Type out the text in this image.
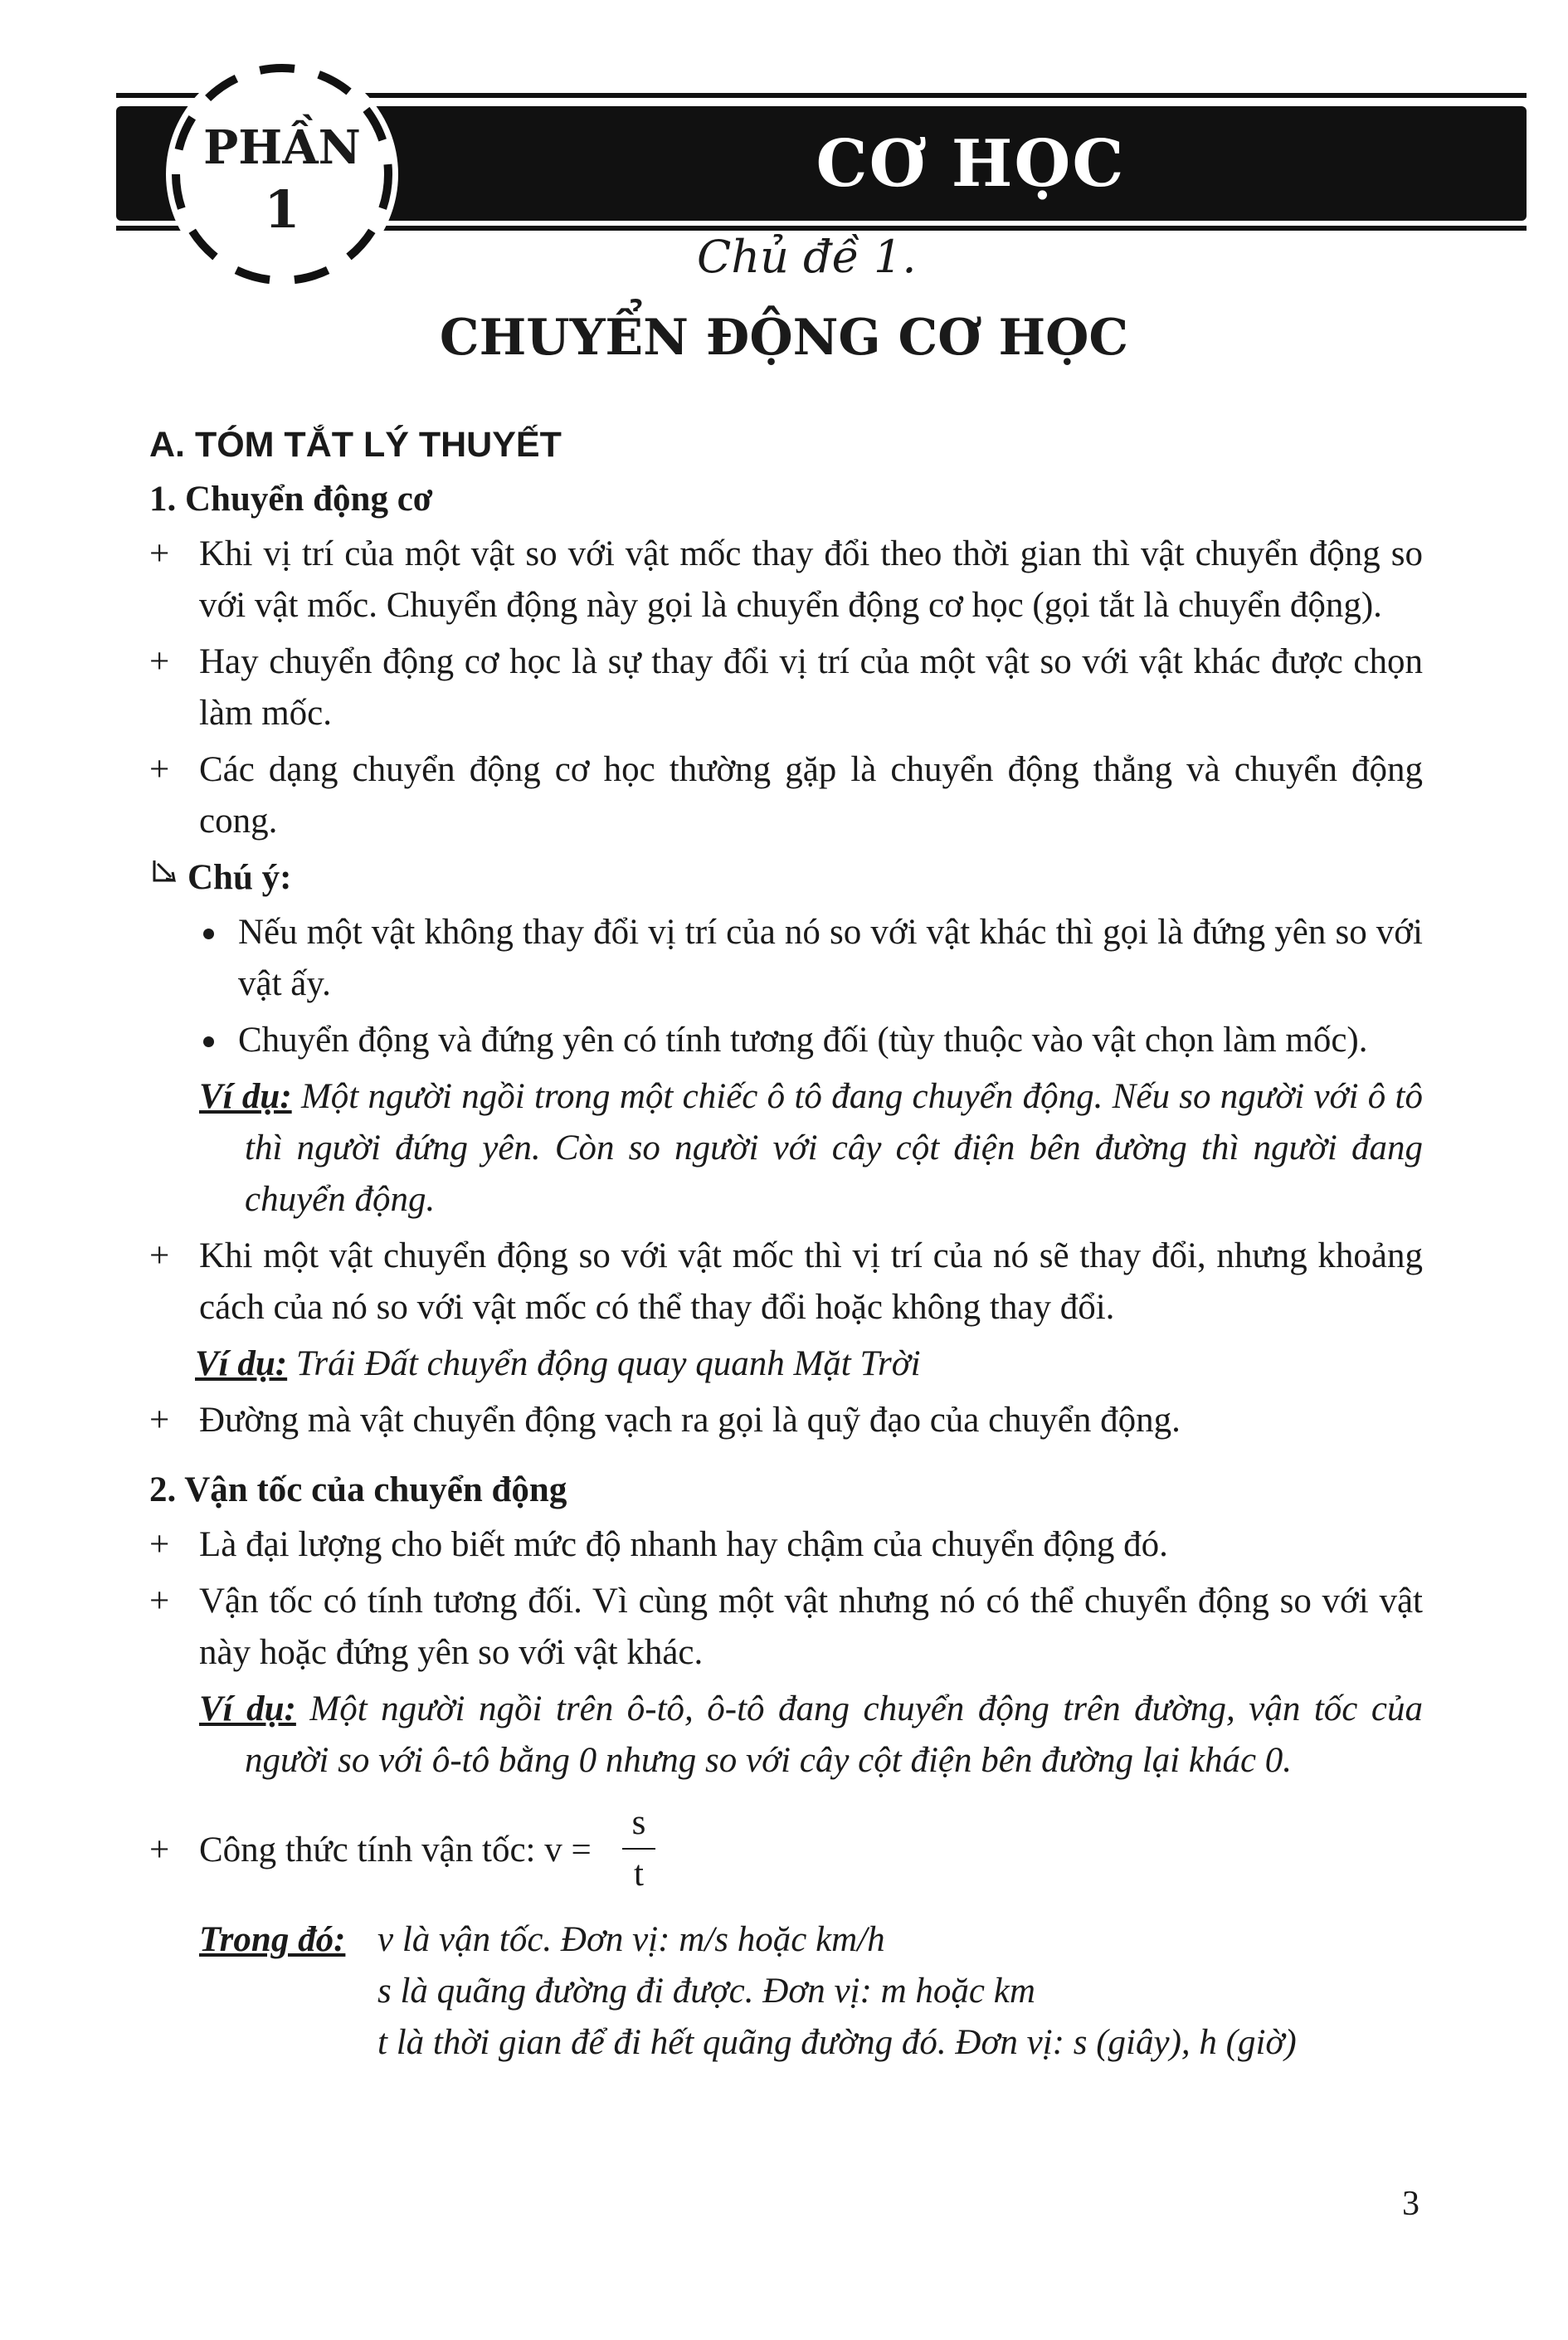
CƠ HỌC
PHẦN
1
Chủ đề 1.
CHUYỂN ĐỘNG CƠ HỌC
A. TÓM TẮT LÝ THUYẾT
1. Chuyển động cơ
+ Khi vị trí của một vật so với vật mốc thay đổi theo thời gian thì vật chuyển động so với vật mốc. Chuyển động này gọi là chuyển động cơ học (gọi tắt là chuyển động).
+ Hay chuyển động cơ học là sự thay đổi vị trí của một vật so với vật khác được chọn làm mốc.
+ Các dạng chuyển động cơ học thường gặp là chuyển động thẳng và chuyển động cong.
Chú ý:
Nếu một vật không thay đổi vị trí của nó so với vật khác thì gọi là đứng yên so với vật ấy.
Chuyển động và đứng yên có tính tương đối (tùy thuộc vào vật chọn làm mốc).
Ví dụ: Một người ngồi trong một chiếc ô tô đang chuyển động. Nếu so người với ô tô thì người đứng yên. Còn so người với cây cột điện bên đường thì người đang chuyển động.
+ Khi một vật chuyển động so với vật mốc thì vị trí của nó sẽ thay đổi, nhưng khoảng cách của nó so với vật mốc có thể thay đổi hoặc không thay đổi.
Ví dụ: Trái Đất chuyển động quay quanh Mặt Trời
+ Đường mà vật chuyển động vạch ra gọi là quỹ đạo của chuyển động.
2. Vận tốc của chuyển động
+ Là đại lượng cho biết mức độ nhanh hay chậm của chuyển động đó.
+ Vận tốc có tính tương đối. Vì cùng một vật nhưng nó có thể chuyển động so với vật này hoặc đứng yên so với vật khác.
Ví dụ: Một người ngồi trên ô-tô, ô-tô đang chuyển động trên đường, vận tốc của người so với ô-tô bằng 0 nhưng so với cây cột điện bên đường lại khác 0.
+ Công thức tính vận tốc: v =
s
t
Trong đó: v là vận tốc. Đơn vị: m/s hoặc km/h
s là quãng đường đi được. Đơn vị: m hoặc km
t là thời gian để đi hết quãng đường đó. Đơn vị: s (giây), h (giờ)
3
